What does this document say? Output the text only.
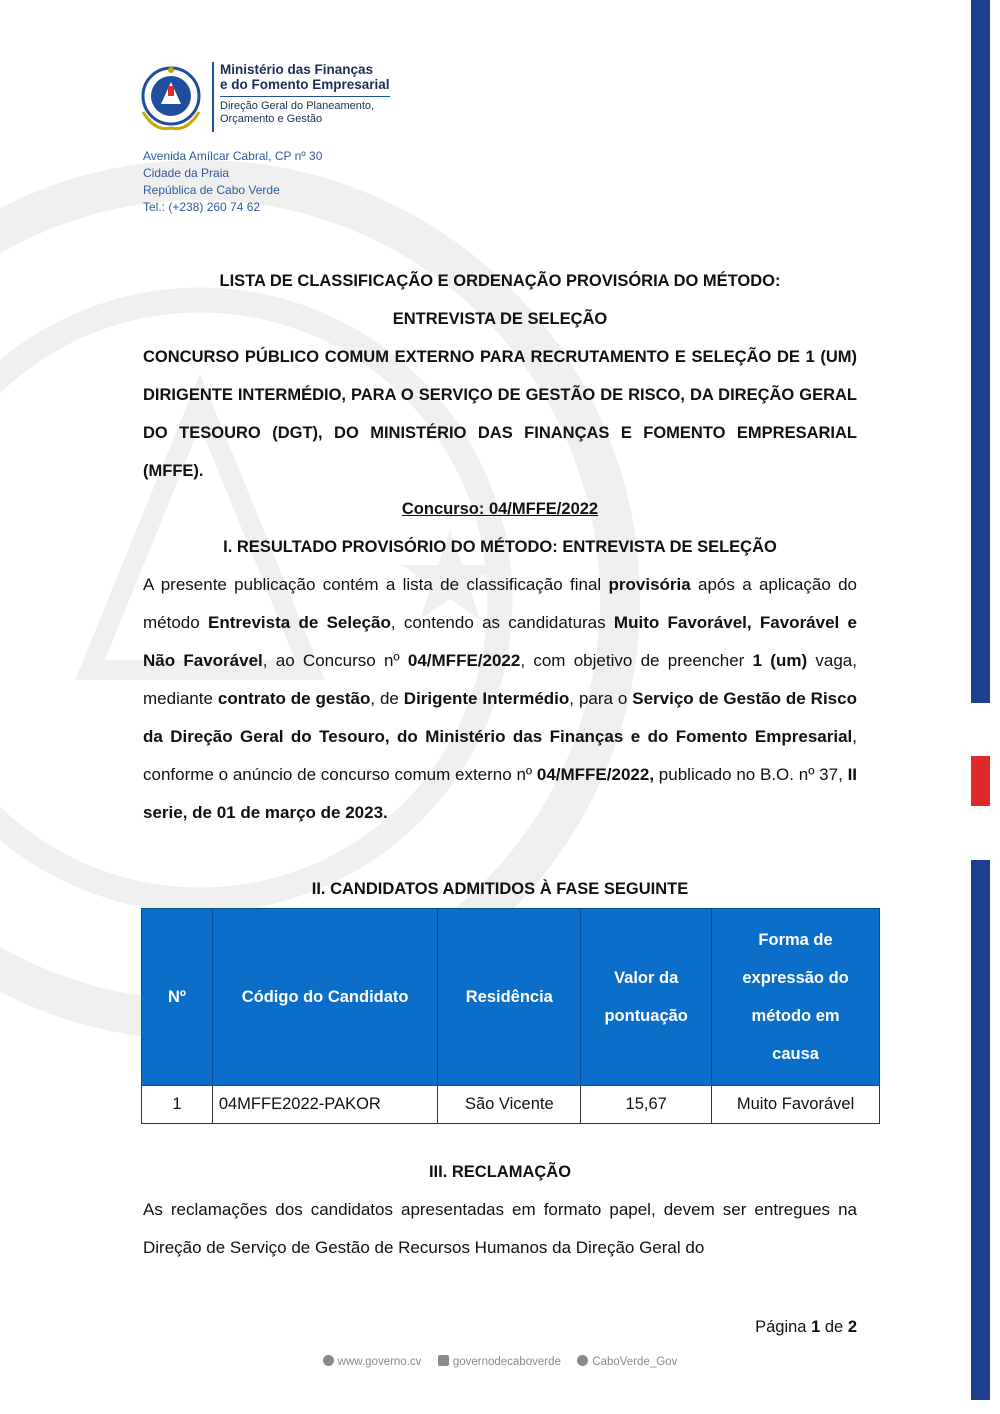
Ministério das Finanças
e do Fomento Empresarial
Direção Geral do Planeamento,
Orçamento e Gestão
Avenida Amílcar Cabral, CP nº 30
Cidade da Praia
República de Cabo Verde
Tel.: (+238) 260 74 62
LISTA DE CLASSIFICAÇÃO E ORDENAÇÃO PROVISÓRIA DO MÉTODO:
ENTREVISTA DE SELEÇÃO
CONCURSO PÚBLICO COMUM EXTERNO PARA RECRUTAMENTO E SELEÇÃO DE 1 (UM) DIRIGENTE INTERMÉDIO, PARA O SERVIÇO DE GESTÃO DE RISCO, DA DIREÇÃO GERAL DO TESOURO (DGT), DO MINISTÉRIO DAS FINANÇAS E FOMENTO EMPRESARIAL (MFFE).
Concurso: 04/MFFE/2022
I. RESULTADO PROVISÓRIO DO MÉTODO: ENTREVISTA DE SELEÇÃO

A presente publicação contém a lista de classificação final provisória após a aplicação do método Entrevista de Seleção, contendo as candidaturas Muito Favorável, Favorável e Não Favorável, ao Concurso nº 04/MFFE/2022, com objetivo de preencher 1 (um) vaga, mediante contrato de gestão, de Dirigente Intermédio, para o Serviço de Gestão de Risco da Direção Geral do Tesouro, do Ministério das Finanças e do Fomento Empresarial, conforme o anúncio de concurso comum externo nº 04/MFFE/2022, publicado no B.O. nº 37, II serie, de 01 de março de 2023.

II. CANDIDATOS ADMITIDOS À FASE SEGUINTE
Nº	Código do Candidato	Residência	Valor da pontuação	Forma de expressão do método em causa
1	04MFFE2022-PAKOR	São Vicente	15,67	Muito Favorável
III. RECLAMAÇÃO

As reclamações dos candidatos apresentadas em formato papel, devem ser entregues na Direção de Serviço de Gestão de Recursos Humanos da Direção Geral do

Página 1 de 2
www.governo.cv	governodecaboverde	CaboVerde_Gov
